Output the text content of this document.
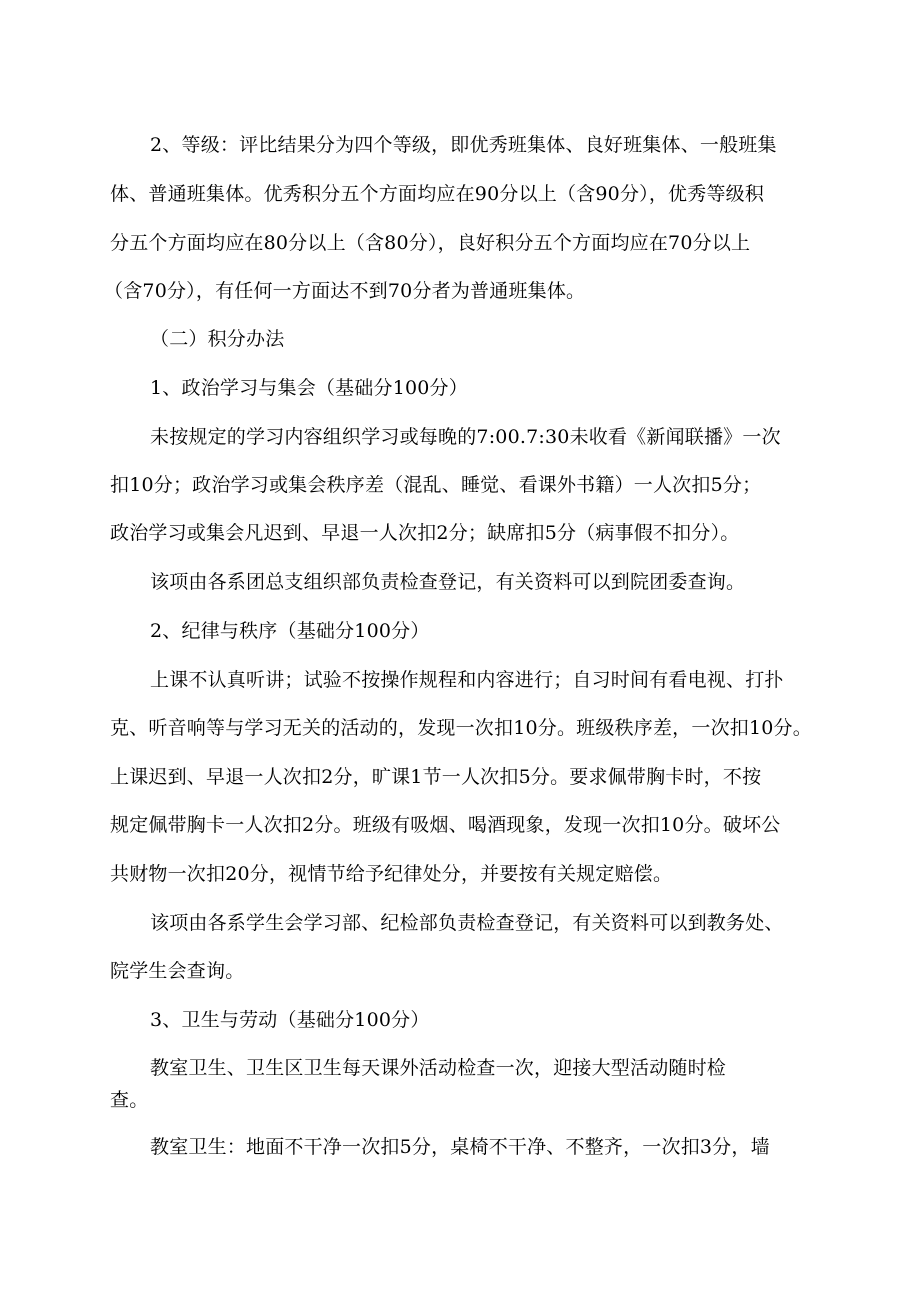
2、等级：评比结果分为四个等级，即优秀班集体、良好班集体、一般班集
体、普通班集体。优秀积分五个方面均应在90分以上（含90分），优秀等级积
分五个方面均应在80分以上（含80分），良好积分五个方面均应在70分以上
（含70分），有任何一方面达不到70分者为普通班集体。
（二）积分办法
1、政治学习与集会（基础分100分）
未按规定的学习内容组织学习或每晚的7:00.7:30未收看《新闻联播》一次
扣10分；政治学习或集会秩序差（混乱、睡觉、看课外书籍）一人次扣5分；
政治学习或集会凡迟到、早退一人次扣2分；缺席扣5分（病事假不扣分）。
该项由各系团总支组织部负责检查登记，有关资料可以到院团委查询。
2、纪律与秩序（基础分100分）
上课不认真听讲；试验不按操作规程和内容进行；自习时间有看电视、打扑
克、听音响等与学习无关的活动的，发现一次扣10分。班级秩序差，一次扣10分。
上课迟到、早退一人次扣2分，旷课1节一人次扣5分。要求佩带胸卡时，不按
规定佩带胸卡一人次扣2分。班级有吸烟、喝酒现象，发现一次扣10分。破坏公
共财物一次扣20分，视情节给予纪律处分，并要按有关规定赔偿。
该项由各系学生会学习部、纪检部负责检查登记，有关资料可以到教务处、
院学生会查询。
3、卫生与劳动（基础分100分）
教室卫生、卫生区卫生每天课外活动检查一次，迎接大型活动随时检
查。
教室卫生：地面不干净一次扣5分，桌椅不干净、不整齐，一次扣3分，墙
